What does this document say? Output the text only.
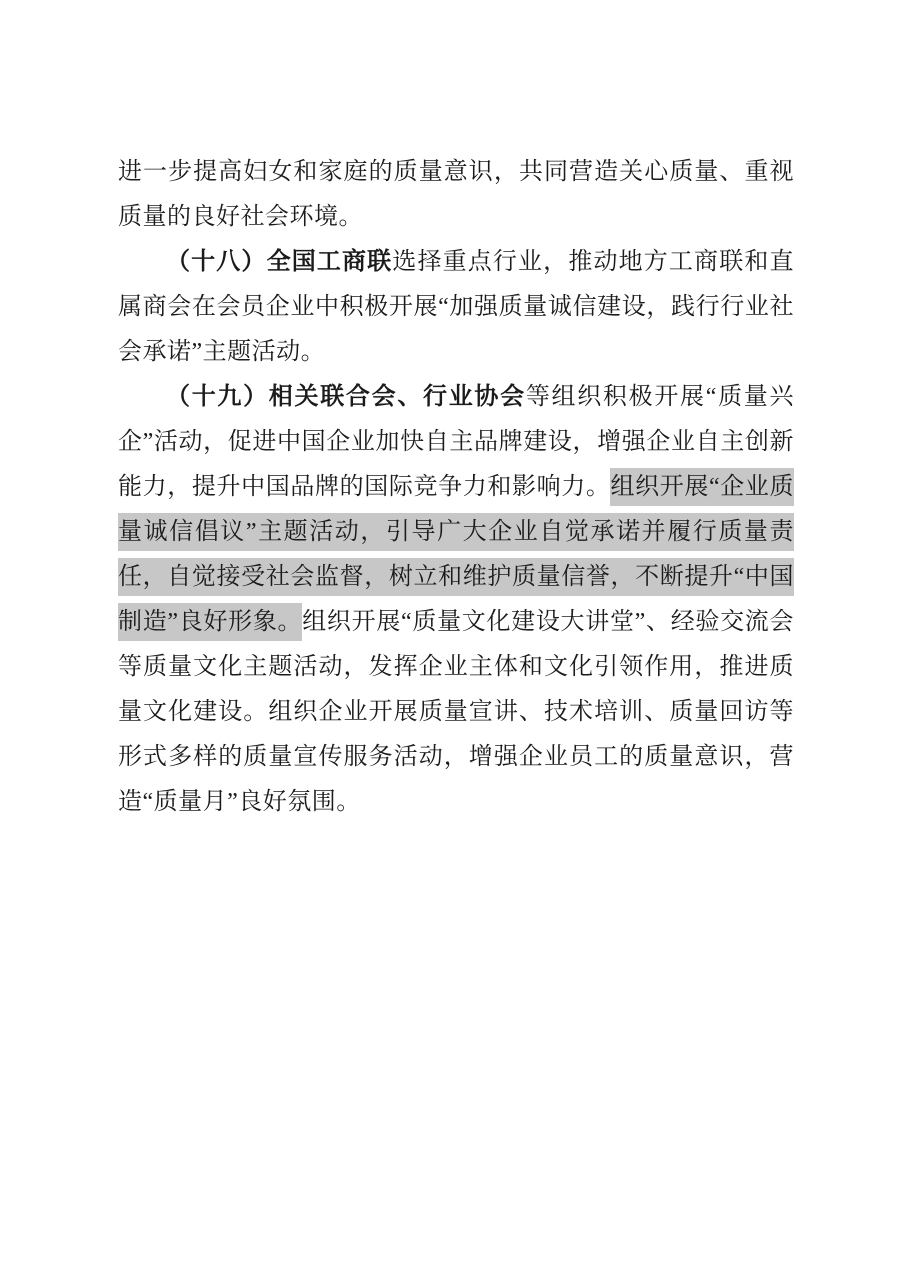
进一步提高妇女和家庭的质量意识，共同营造关心质量、重视质量的良好社会环境。

（十八）全国工商联选择重点行业，推动地方工商联和直属商会在会员企业中积极开展“加强质量诚信建设，践行行业社会承诺”主题活动。

（十九）相关联合会、行业协会等组织积极开展“质量兴企”活动，促进中国企业加快自主品牌建设，增强企业自主创新能力，提升中国品牌的国际竞争力和影响力。组织开展“企业质量诚信倡议”主题活动，引导广大企业自觉承诺并履行质量责任，自觉接受社会监督，树立和维护质量信誉，不断提升“中国制造”良好形象。组织开展“质量文化建设大讲堂”、经验交流会等质量文化主题活动，发挥企业主体和文化引领作用，推进质量文化建设。组织企业开展质量宣讲、技术培训、质量回访等形式多样的质量宣传服务活动，增强企业员工的质量意识，营造“质量月”良好氛围。
